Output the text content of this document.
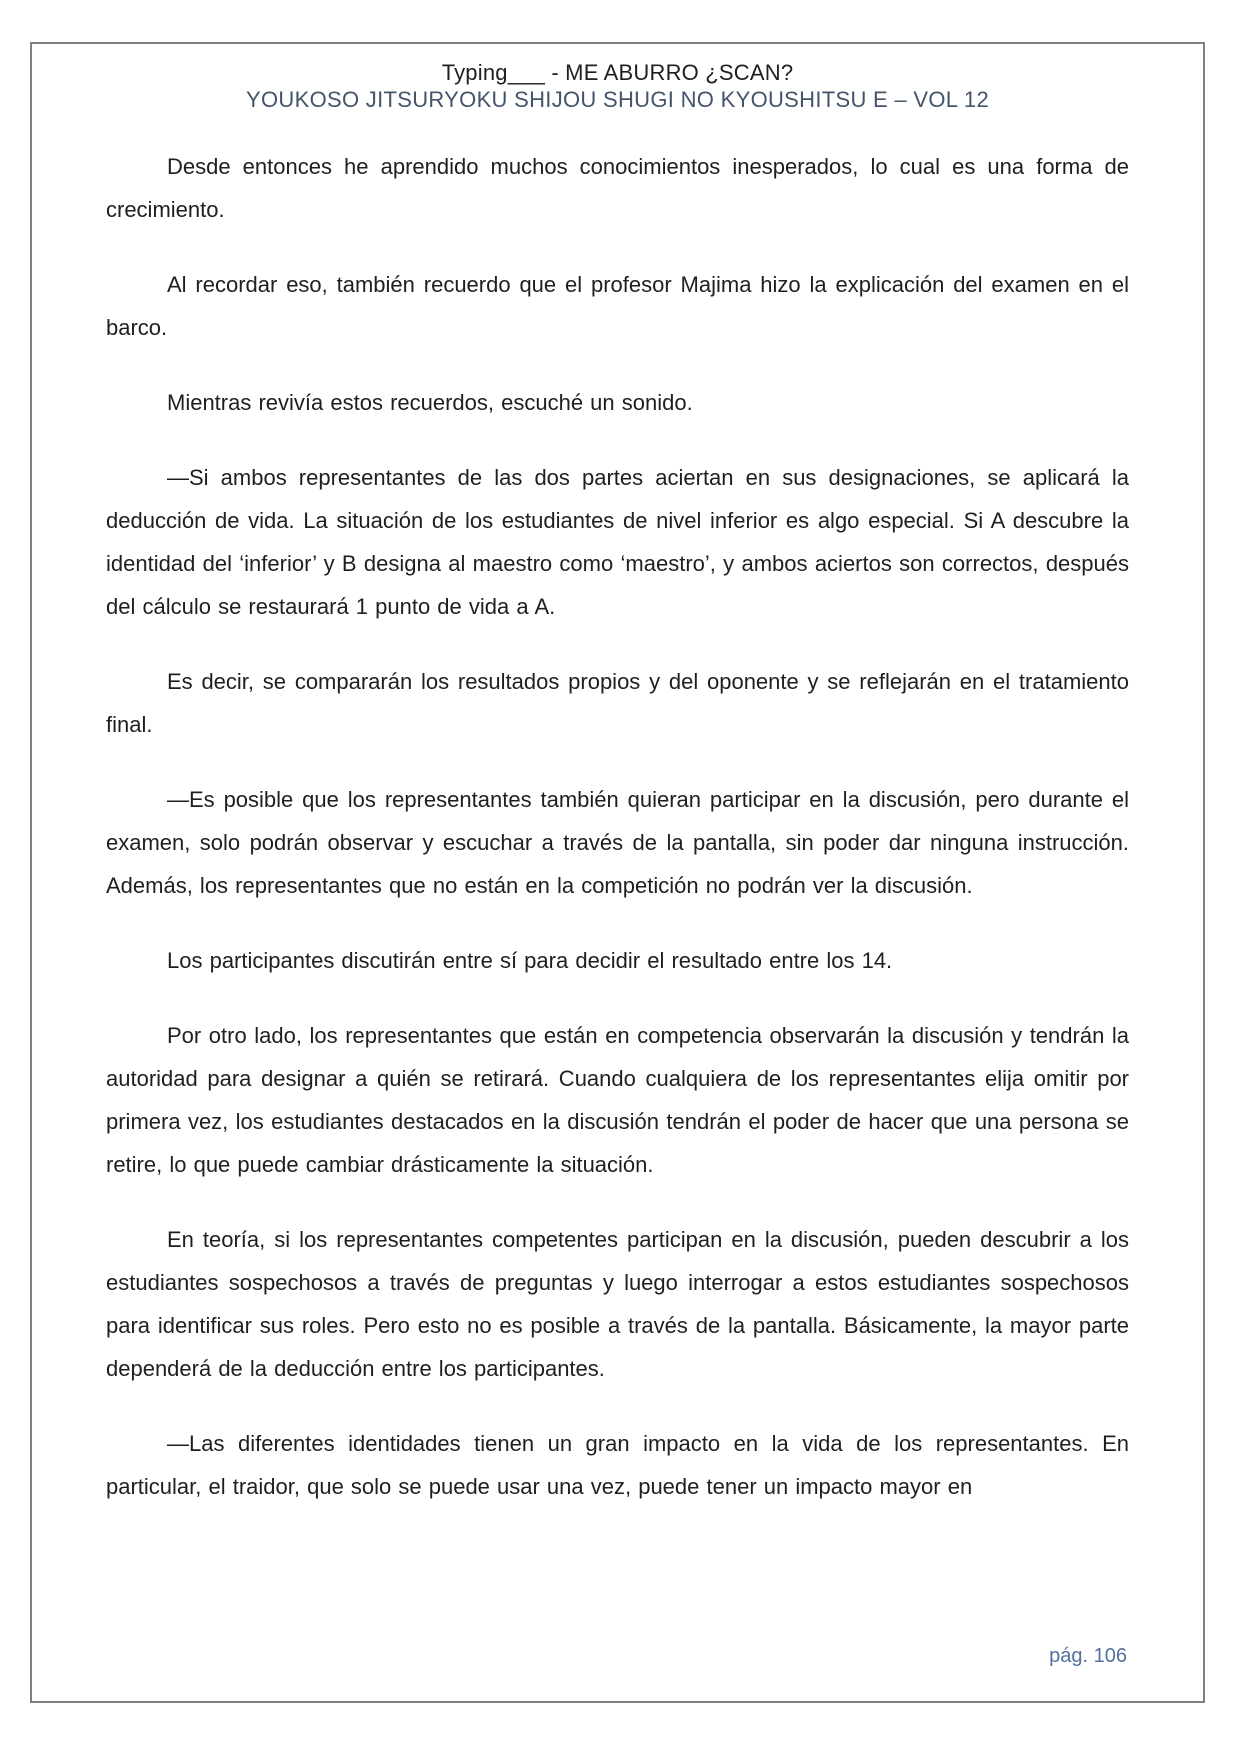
Typing___ - ME ABURRO ¿SCAN?
YOUKOSO JITSURYOKU SHIJOU SHUGI NO KYOUSHITSU E – VOL 12

Desde entonces he aprendido muchos conocimientos inesperados, lo cual es una forma de crecimiento.

Al recordar eso, también recuerdo que el profesor Majima hizo la explicación del examen en el barco.

Mientras revivía estos recuerdos, escuché un sonido.

—Si ambos representantes de las dos partes aciertan en sus designaciones, se aplicará la deducción de vida. La situación de los estudiantes de nivel inferior es algo especial. Si A descubre la identidad del ‘inferior’ y B designa al maestro como ‘maestro’, y ambos aciertos son correctos, después del cálculo se restaurará 1 punto de vida a A.

Es decir, se compararán los resultados propios y del oponente y se reflejarán en el tratamiento final.

—Es posible que los representantes también quieran participar en la discusión, pero durante el examen, solo podrán observar y escuchar a través de la pantalla, sin poder dar ninguna instrucción. Además, los representantes que no están en la competición no podrán ver la discusión.

Los participantes discutirán entre sí para decidir el resultado entre los 14.

Por otro lado, los representantes que están en competencia observarán la discusión y tendrán la autoridad para designar a quién se retirará. Cuando cualquiera de los representantes elija omitir por primera vez, los estudiantes destacados en la discusión tendrán el poder de hacer que una persona se retire, lo que puede cambiar drásticamente la situación.

En teoría, si los representantes competentes participan en la discusión, pueden descubrir a los estudiantes sospechosos a través de preguntas y luego interrogar a estos estudiantes sospechosos para identificar sus roles. Pero esto no es posible a través de la pantalla. Básicamente, la mayor parte dependerá de la deducción entre los participantes.

—Las diferentes identidades tienen un gran impacto en la vida de los representantes. En particular, el traidor, que solo se puede usar una vez, puede tener un impacto mayor en

pág. 106
